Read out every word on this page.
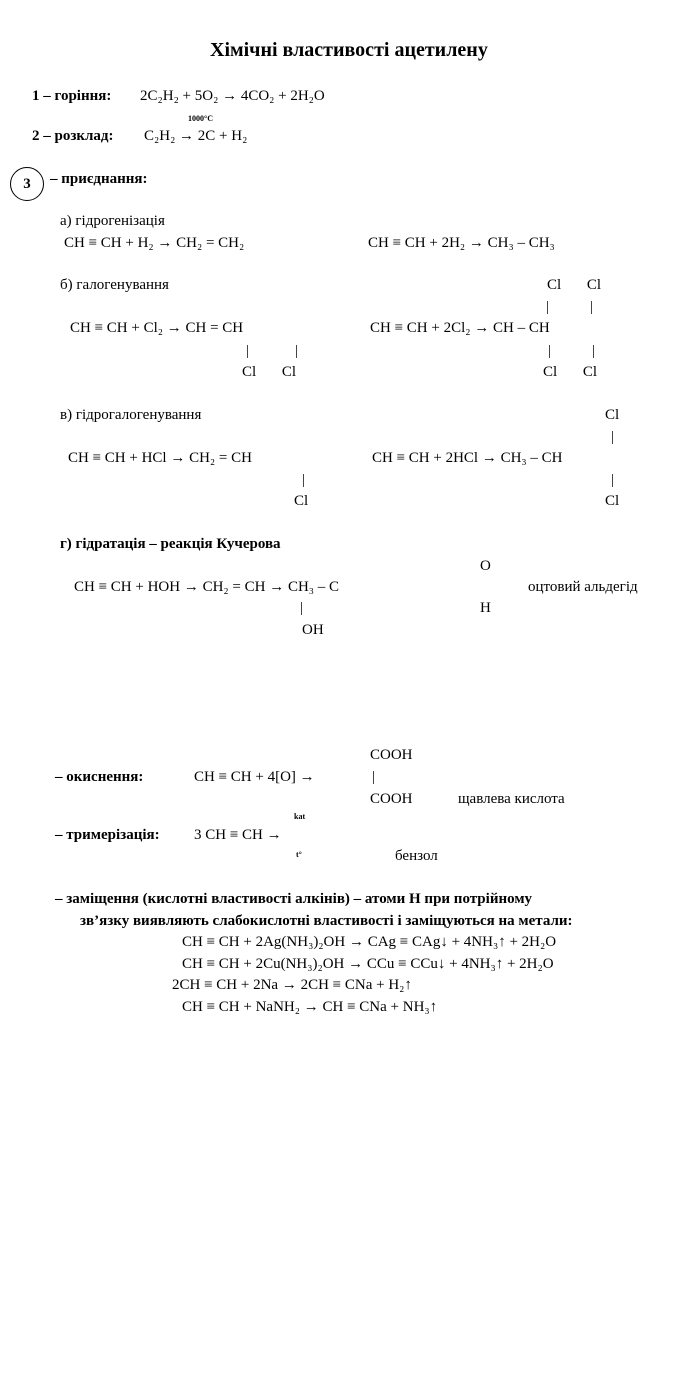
Хімічні властивості ацетилену
1 – горіння: 2C₂H₂ + 5O₂ → 4CO₂ + 2H₂O
1000°C
2 – розклад: C₂H₂ → 2C + H₂
3	– приєднання:
а) гідрогенізація
CH ≡ CH + H₂ → CH₂ = CH₂	CH ≡ CH + 2H₂ → CH₃ – CH₃
б) галогенування	Cl Cl
|	|
CH ≡ CH + Cl₂ → CH = CH	CH ≡ CH + 2Cl₂ → CH – CH
|	|	|	|
Cl Cl	Cl Cl
в) гідрогалогенування	Cl
|
CH ≡ CH + HCl → CH₂ = CH	CH ≡ CH + 2HCl → CH₃ – CH
|	|
Cl	Cl
г) гідратація – реакція Кучерова
O
CH ≡ CH + HOH → CH₂ = CH → CH₃ – C	оцтовий альдегід
H
|
OH
COOH
|
– окиснення:	CH ≡ CH + 4[O] →
COOH	щавлева кислота
kat
– тримерізація: 3 CH ≡ CH →
t°	бензол
– заміщення (кислотні властивості алкінів) – атоми Н при потрійному
зв’язку виявляють слабокислотні властивості і заміщуються на метали:
CH ≡ CH + 2Ag(NH₃)₂OH → CAg ≡ CAg↓ + 4NH₃↑ + 2H₂O
CH ≡ CH + 2Cu(NH₃)₂OH → CCu ≡ CCu↓ + 4NH₃↑ + 2H₂O
2CH ≡ CH + 2Na → 2CH ≡ CNa + H₂↑
CH ≡ CH + NaNH₂ → CH ≡ CNa + NH₃↑
